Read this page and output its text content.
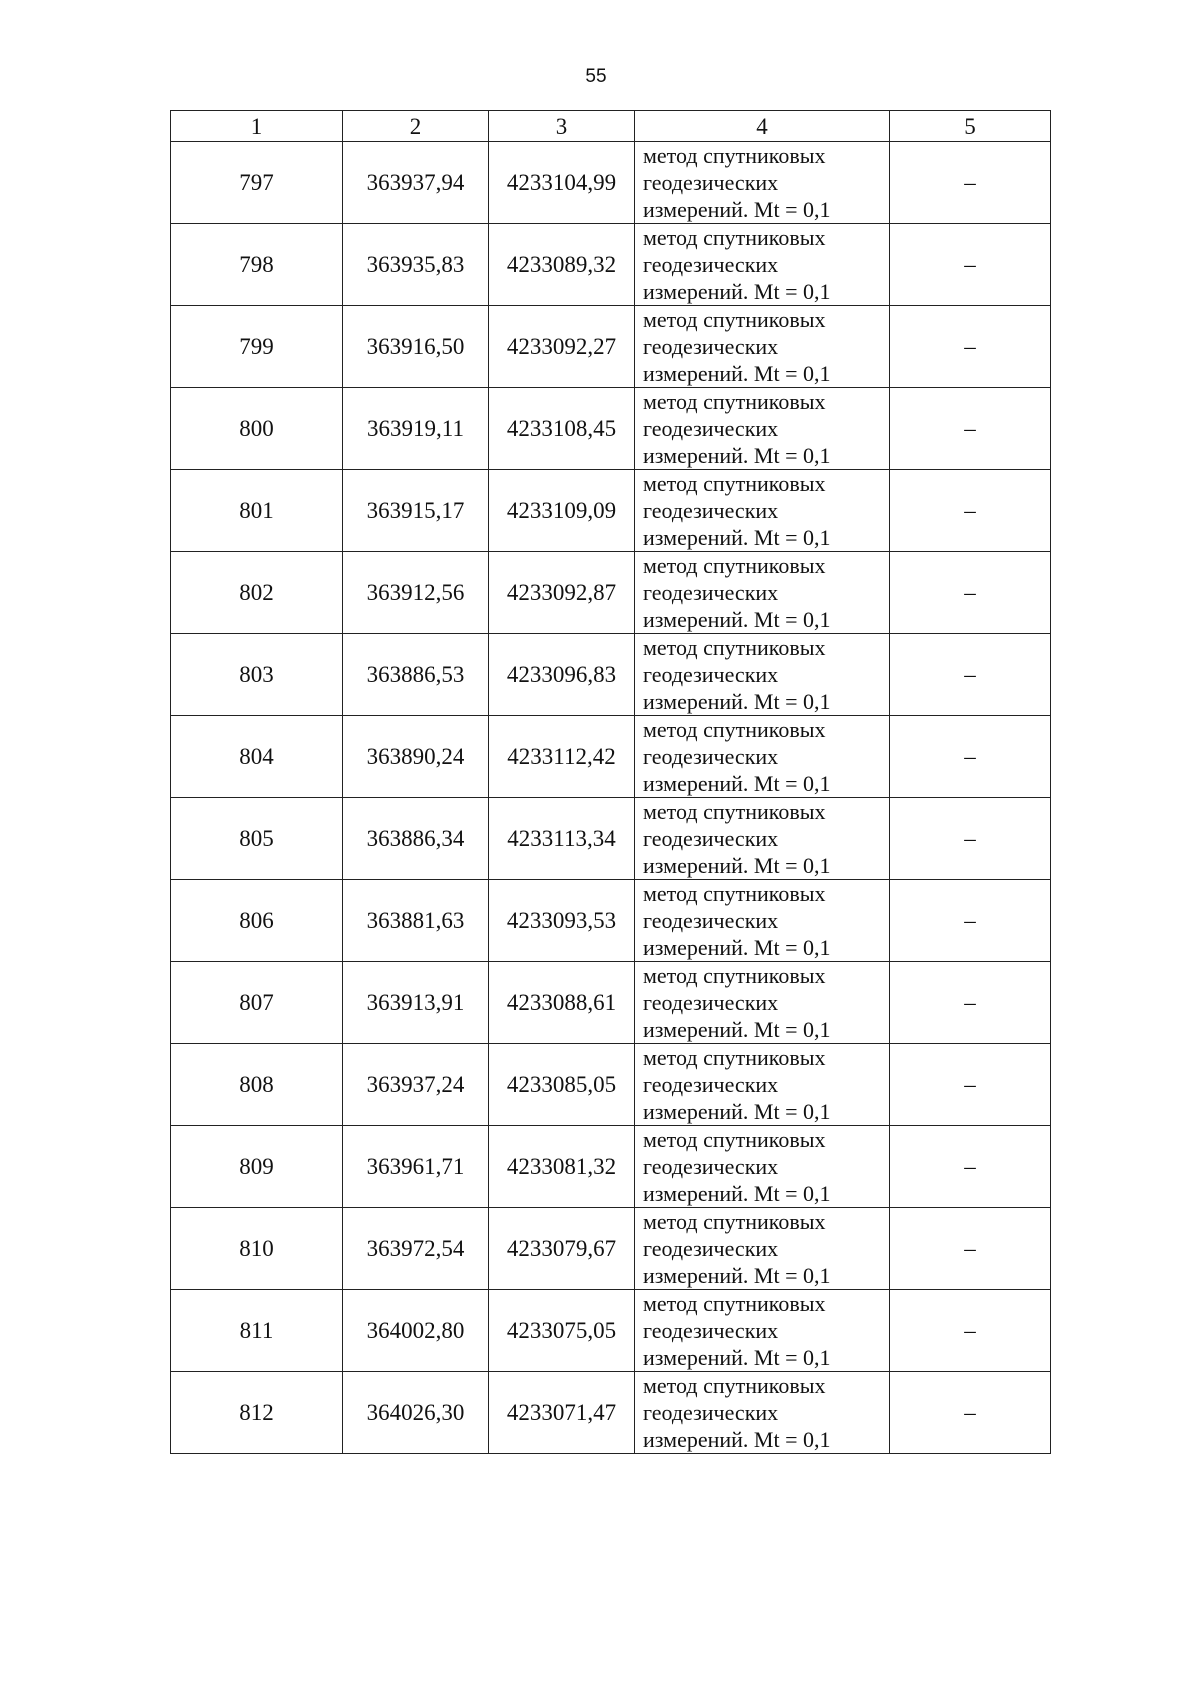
55
1	2	3	4	5
797	363937,94	4233104,99	метод спутниковых
геодезических
измерений. Mt = 0,1	–
798	363935,83	4233089,32	метод спутниковых
геодезических
измерений. Mt = 0,1	–
799	363916,50	4233092,27	метод спутниковых
геодезических
измерений. Mt = 0,1	–
800	363919,11	4233108,45	метод спутниковых
геодезических
измерений. Mt = 0,1	–
801	363915,17	4233109,09	метод спутниковых
геодезических
измерений. Mt = 0,1	–
802	363912,56	4233092,87	метод спутниковых
геодезических
измерений. Mt = 0,1	–
803	363886,53	4233096,83	метод спутниковых
геодезических
измерений. Mt = 0,1	–
804	363890,24	4233112,42	метод спутниковых
геодезических
измерений. Mt = 0,1	–
805	363886,34	4233113,34	метод спутниковых
геодезических
измерений. Mt = 0,1	–
806	363881,63	4233093,53	метод спутниковых
геодезических
измерений. Mt = 0,1	–
807	363913,91	4233088,61	метод спутниковых
геодезических
измерений. Mt = 0,1	–
808	363937,24	4233085,05	метод спутниковых
геодезических
измерений. Mt = 0,1	–
809	363961,71	4233081,32	метод спутниковых
геодезических
измерений. Mt = 0,1	–
810	363972,54	4233079,67	метод спутниковых
геодезических
измерений. Mt = 0,1	–
811	364002,80	4233075,05	метод спутниковых
геодезических
измерений. Mt = 0,1	–
812	364026,30	4233071,47	метод спутниковых
геодезических
измерений. Mt = 0,1	–
